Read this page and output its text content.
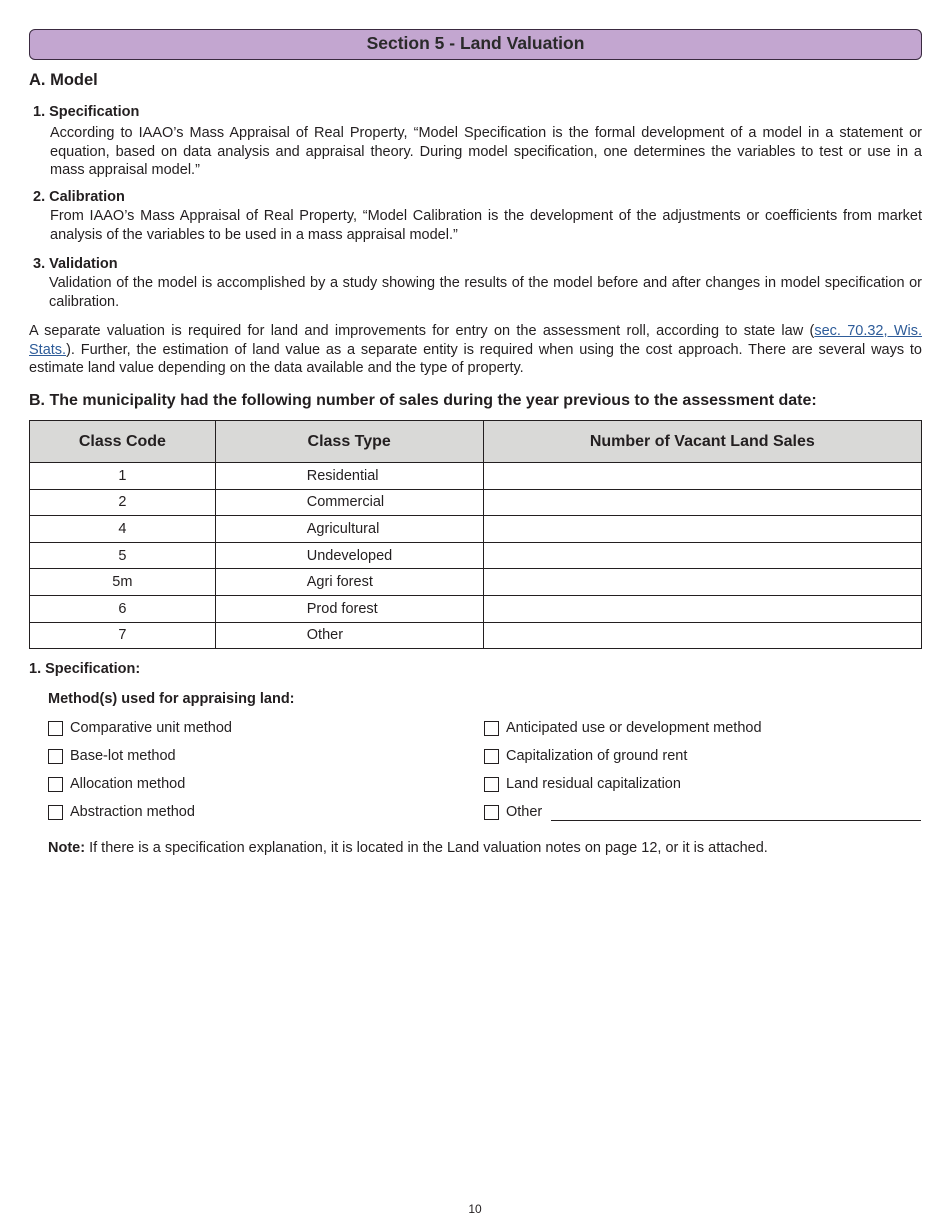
Section 5 - Land Valuation
A. Model
1. Specification
According to IAAO’s Mass Appraisal of Real Property, “Model Specification is the formal development of a model in a statement or equation, based on data analysis and appraisal theory. During model specification, one determines the variables to test or use in a mass appraisal model.”
2. Calibration
From IAAO’s Mass Appraisal of Real Property, “Model Calibration is the development of the adjustments or coefficients from market analysis of the variables to be used in a mass appraisal model.”
3. Validation
Validation of the model is accomplished by a study showing the results of the model before and after changes in model specification or calibration.
A separate valuation is required for land and improvements for entry on the assessment roll, according to state law (sec. 70.32, Wis. Stats.). Further, the estimation of land value as a separate entity is required when using the cost approach. There are several ways to estimate land value depending on the data available and the type of property.
B. The municipality had the following number of sales during the year previous to the assessment date:
Class Code	Class Type	Number of Vacant Land Sales
1	Residential	
2	Commercial	
4	Agricultural	
5	Undeveloped	
5m	Agri forest	
6	Prod forest	
7	Other	
1. Specification:
Method(s) used for appraising land:
Comparative unit method
Base-lot method
Allocation method
Abstraction method
Anticipated use or development method
Capitalization of ground rent
Land residual capitalization
Other
Note: If there is a specification explanation, it is located in the Land valuation notes on page 12, or it is attached.
10
